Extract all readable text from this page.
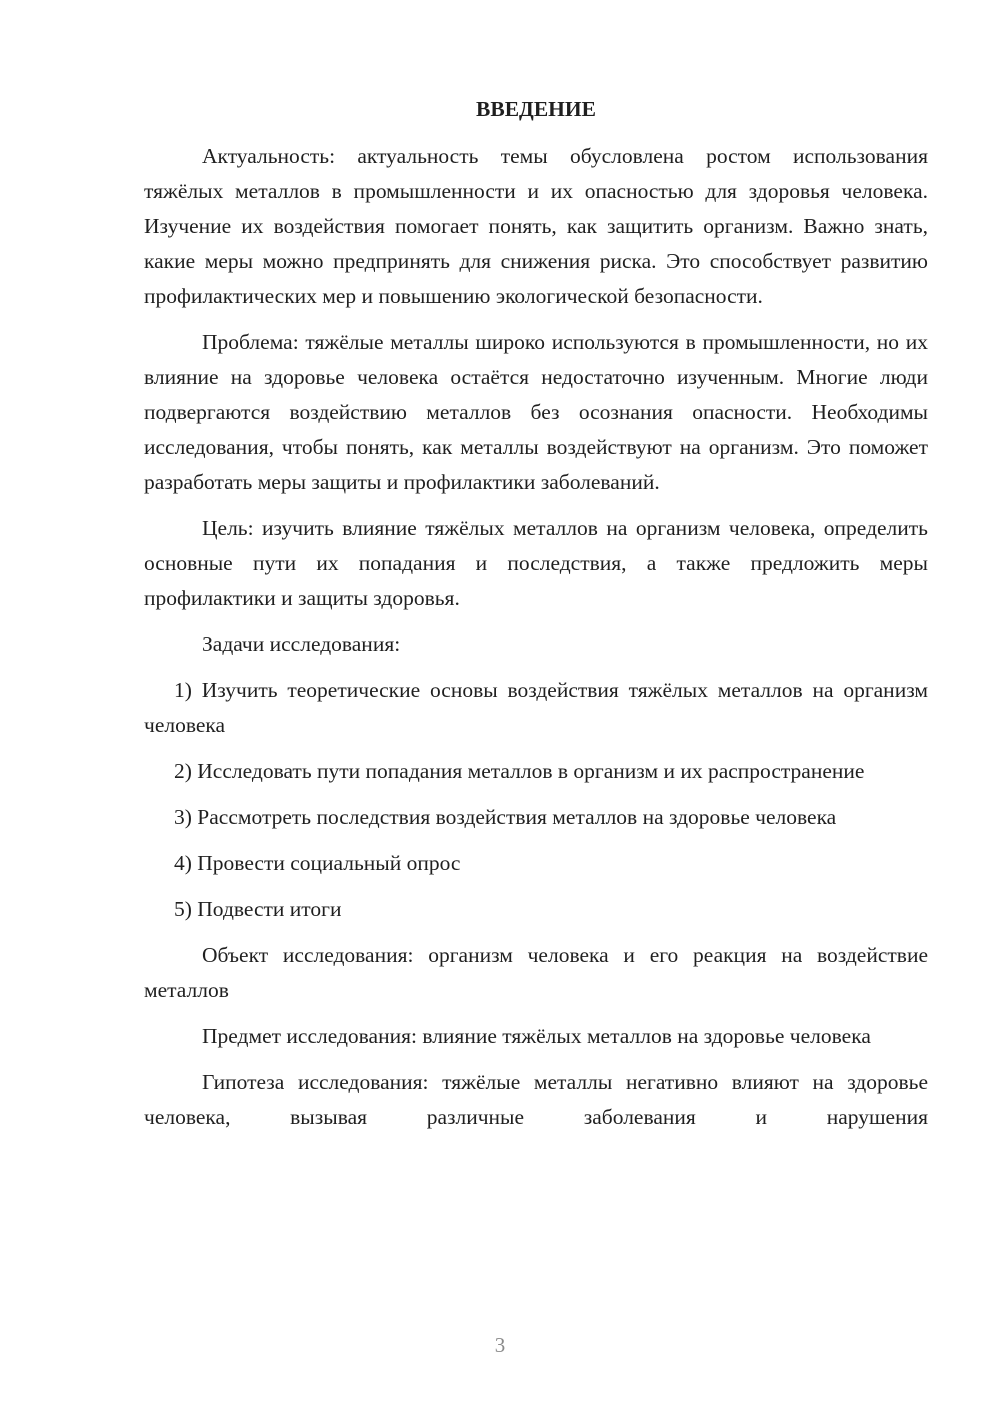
ВВЕДЕНИЕ

Актуальность: актуальность темы обусловлена ростом использования тяжёлых металлов в промышленности и их опасностью для здоровья человека. Изучение их воздействия помогает понять, как защитить организм. Важно знать, какие меры можно предпринять для снижения риска. Это способствует развитию профилактических мер и повышению экологической безопасности.

Проблема: тяжёлые металлы широко используются в промышленности, но их влияние на здоровье человека остаётся недостаточно изученным. Многие люди подвергаются воздействию металлов без осознания опасности. Необходимы исследования, чтобы понять, как металлы воздействуют на организм. Это поможет разработать меры защиты и профилактики заболеваний.

Цель: изучить влияние тяжёлых металлов на организм человека, определить основные пути их попадания и последствия, а также предложить меры профилактики и защиты здоровья.

Задачи исследования:

1) Изучить теоретические основы воздействия тяжёлых металлов на организм человека

2) Исследовать пути попадания металлов в организм и их распространение

3) Рассмотреть последствия воздействия металлов на здоровье человека

4) Провести социальный опрос

5) Подвести итоги

Объект исследования: организм человека и его реакция на воздействие металлов

Предмет исследования: влияние тяжёлых металлов на здоровье человека

Гипотеза исследования: тяжёлые металлы негативно влияют на здоровье человека, вызывая различные заболевания и нарушения

3
